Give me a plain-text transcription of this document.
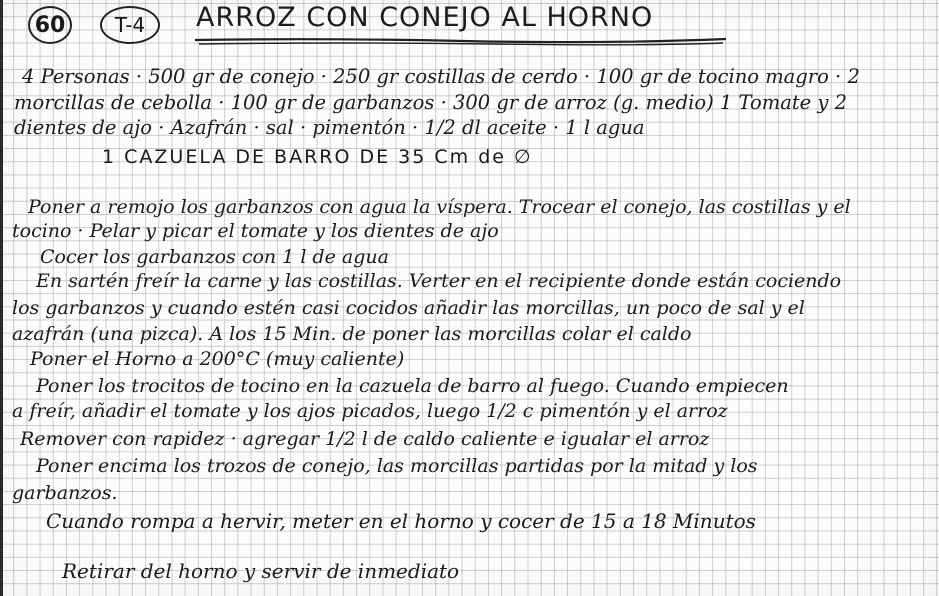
60 T-4 ARROZ CON CONEJO AL HORNO
4 Personas · 500 gr de conejo · 250 gr costillas de cerdo · 100 gr de tocino magro · 2
morcillas de cebolla · 100 gr de garbanzos · 300 gr de arroz (g. medio) 1 Tomate y 2
dientes de ajo · Azafrán · sal · pimentón · 1/2 dl aceite · 1 l agua
1 CAZUELA DE BARRO DE 35 Cm de ∅
Poner a remojo los garbanzos con agua la víspera. Trocear el conejo, las costillas y el
tocino · Pelar y picar el tomate y los dientes de ajo
Cocer los garbanzos con 1 l de agua
En sartén freír la carne y las costillas. Verter en el recipiente donde están cociendo
los garbanzos y cuando estén casi cocidos añadir las morcillas, un poco de sal y el
azafrán (una pizca). A los 15 Min. de poner las morcillas colar el caldo
Poner el Horno a 200°C (muy caliente)
Poner los trocitos de tocino en la cazuela de barro al fuego. Cuando empiecen
a freír, añadir el tomate y los ajos picados, luego 1/2 c pimentón y el arroz
Remover con rapidez · agregar 1/2 l de caldo caliente e igualar el arroz
Poner encima los trozos de conejo, las morcillas partidas por la mitad y los
garbanzos.
Cuando rompa a hervir, meter en el horno y cocer de 15 a 18 Minutos
Retirar del horno y servir de inmediato
